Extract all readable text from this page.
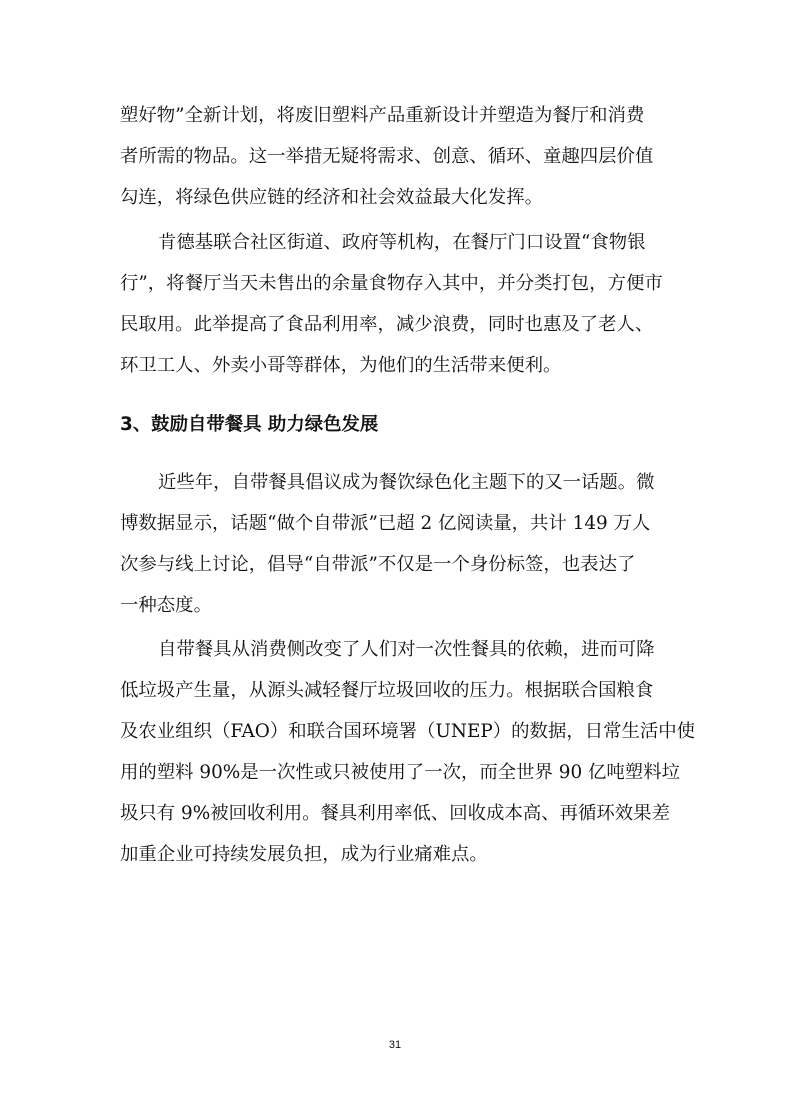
塑好物”全新计划，将废旧塑料产品重新设计并塑造为餐厅和消费

者所需的物品。这一举措无疑将需求、创意、循环、童趣四层价值

勾连，将绿色供应链的经济和社会效益最大化发挥。

肯德基联合社区街道、政府等机构，在餐厅门口设置“食物银

行”，将餐厅当天未售出的余量食物存入其中，并分类打包，方便市

民取用。此举提高了食品利用率，减少浪费，同时也惠及了老人、

环卫工人、外卖小哥等群体，为他们的生活带来便利。

3、鼓励自带餐具 助力绿色发展

近些年，自带餐具倡议成为餐饮绿色化主题下的又一话题。微

博数据显示，话题“做个自带派”已超 2 亿阅读量，共计 149 万人

次参与线上讨论，倡导“自带派”不仅是一个身份标签，也表达了

一种态度。

自带餐具从消费侧改变了人们对一次性餐具的依赖，进而可降

低垃圾产生量，从源头减轻餐厅垃圾回收的压力。根据联合国粮食

及农业组织（FAO）和联合国环境署（UNEP）的数据，日常生活中使

用的塑料 90%是一次性或只被使用了一次，而全世界 90 亿吨塑料垃

圾只有 9%被回收利用。餐具利用率低、回收成本高、再循环效果差

加重企业可持续发展负担，成为行业痛难点。

31
